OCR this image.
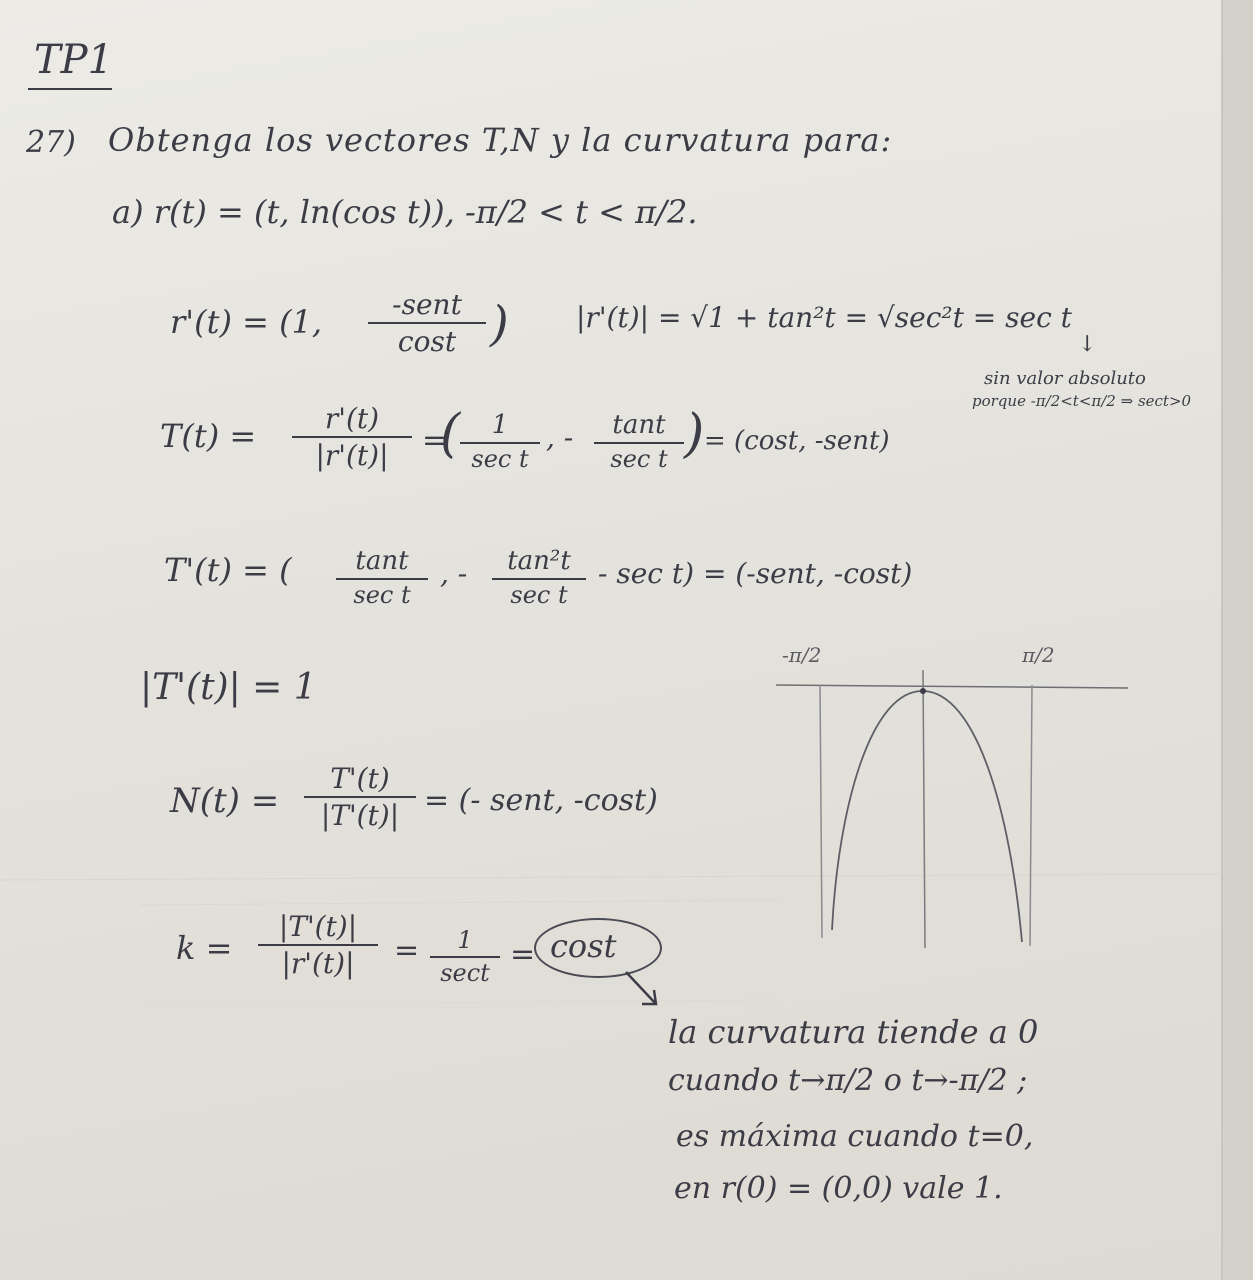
TP1
27) Obtenga los vectores T,N y la curvatura para:
a) r(t) = (t, ln(cos t)), -π/2 < t < π/2.
r'(t) = (1,	-sent
cost ) |r'(t)| = √1 + tan²t = √sec²t = sec t
↓
sin valor absoluto
porque -π/2<t<π/2 ⇒ sect>0
T(t) =	r'(t)
|r'(t)|	=
(	1
sec t
, -	tant
sec t ) = (cost, -sent)
T'(t) = (	tant
sec t
, -	tan²t
sec t
- sec t) = (-sent, -cost)
|T'(t)| = 1
N(t) =
T'(t)
|T'(t)| = (- sent, -cost)
k =
|T'(t)|
|r'(t)|	=	1
sect
= cost
la curvatura tiende a 0
cuando t→π/2 o t→-π/2 ;
es máxima cuando t=0,
en r(0) = (0,0) vale 1.
-π/2	π/2
